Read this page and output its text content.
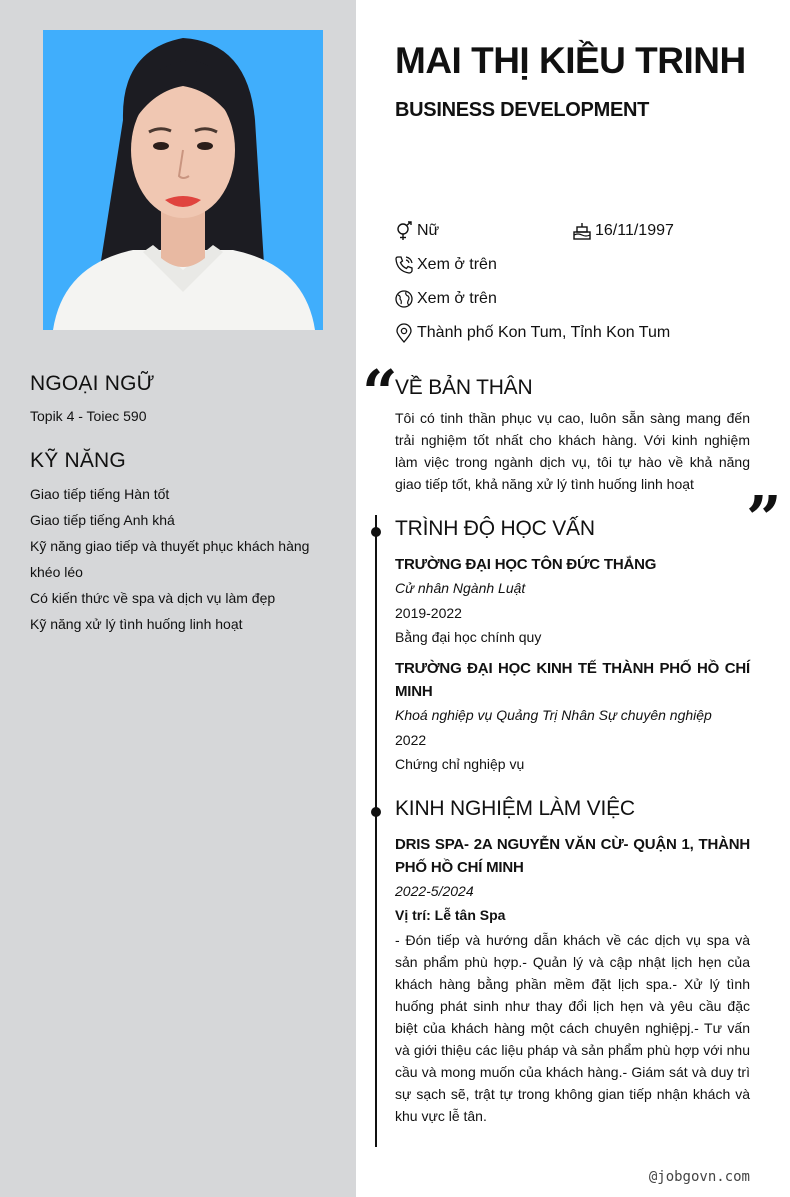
NGOẠI NGỮ
Topik 4 - Toiec 590
KỸ NĂNG
Giao tiếp tiếng Hàn tốt
Giao tiếp tiếng Anh khá
Kỹ năng giao tiếp và thuyết phục khách hàng khéo léo
Có kiến thức về spa và dịch vụ làm đẹp
Kỹ năng xử lý tình huống linh hoạt
MAI THỊ KIỀU TRINH
BUSINESS DEVELOPMENT
Nữ	16/11/1997
Xem ở trên
Xem ở trên
Thành phố Kon Tum, Tỉnh Kon Tum
“
VỀ BẢN THÂN
Tôi có tinh thần phục vụ cao, luôn sẵn sàng mang đến trải nghiệm tốt nhất cho khách hàng. Với kinh nghiệm làm việc trong ngành dịch vụ, tôi tự hào về khả năng giao tiếp tốt, khả năng xử lý tình huống linh hoạt ”
TRÌNH ĐỘ HỌC VẤN
TRƯỜNG ĐẠI HỌC TÔN ĐỨC THẮNG
Cử nhân Ngành Luật
2019-2022
Bằng đại học chính quy
TRƯỜNG ĐẠI HỌC KINH TẾ THÀNH PHỐ HỒ CHÍ MINH
Khoá nghiệp vụ Quảng Trị Nhân Sự chuyên nghiệp
2022
Chứng chỉ nghiệp vụ
KINH NGHIỆM LÀM VIỆC
DRIS SPA- 2A NGUYỄN VĂN CỪ- QUẬN 1, THÀNH PHỐ HỒ CHÍ MINH
2022-5/2024
Vị trí: Lễ tân Spa
- Đón tiếp và hướng dẫn khách về các dịch vụ spa và sản phẩm phù hợp.- Quản lý và cập nhật lịch hẹn của khách hàng bằng phần mềm đặt lịch spa.- Xử lý tình huống phát sinh như thay đổi lịch hẹn và yêu cầu đặc biệt của khách hàng một cách chuyên nghiệpj.- Tư vấn và giới thiệu các liệu pháp và sản phẩm phù hợp với nhu cầu và mong muốn của khách hàng.- Giám sát và duy trì sự sạch sẽ, trật tự trong không gian tiếp nhận khách và khu vực lễ tân.
@jobgovn.com
